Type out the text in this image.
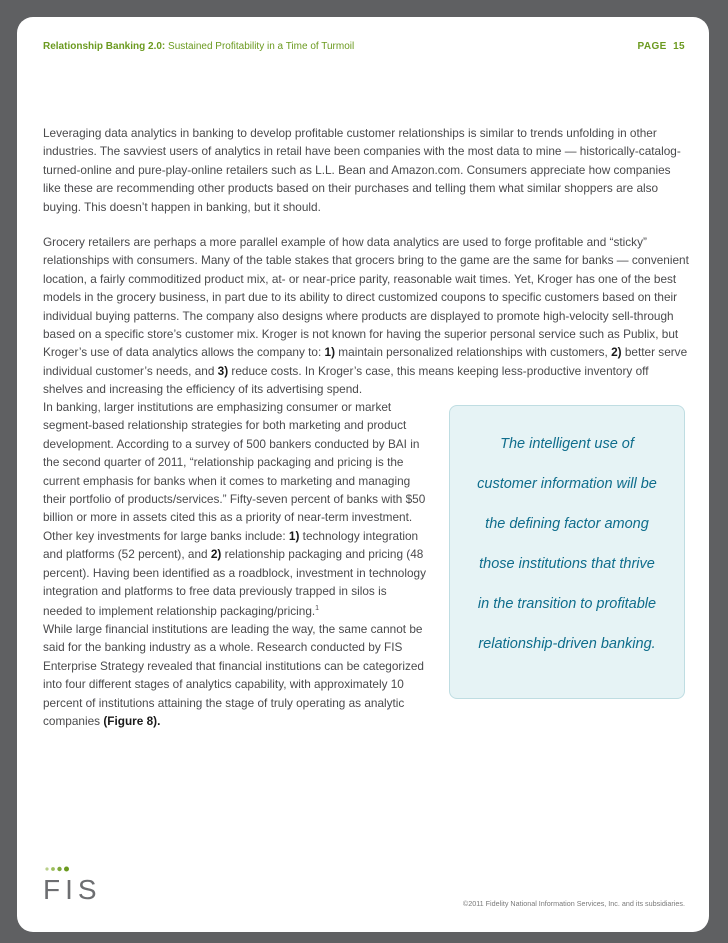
Relationship Banking 2.0: Sustained Profitability in a Time of Turmoil	PAGE 15

Leveraging data analytics in banking to develop profitable customer relationships is similar to trends unfolding in other industries. The savviest users of analytics in retail have been companies with the most data to mine — historically-catalog-turned-online and pure-play-online retailers such as L.L. Bean and Amazon.com. Consumers appreciate how companies like these are recommending other products based on their purchases and telling them what similar shoppers are also buying. This doesn’t happen in banking, but it should.

Grocery retailers are perhaps a more parallel example of how data analytics are used to forge profitable and “sticky” relationships with consumers. Many of the table stakes that grocers bring to the game are the same for banks — convenient location, a fairly commoditized product mix, at- or near-price parity, reasonable wait times. Yet, Kroger has one of the best models in the grocery business, in part due to its ability to direct customized coupons to specific customers based on their individual buying patterns. The company also designs where products are displayed to promote high-velocity sell-through based on a specific store’s customer mix. Kroger is not known for having the superior personal service such as Publix, but Kroger’s use of data analytics allows the company to: 1) maintain personalized relationships with customers, 2) better serve individual customer’s needs, and 3) reduce costs. In Kroger’s case, this means keeping less-productive inventory off shelves and increasing the efficiency of its advertising spend.

In banking, larger institutions are emphasizing consumer or market segment-based relationship strategies for both marketing and product development. According to a survey of 500 bankers conducted by BAI in the second quarter of 2011, “relationship packaging and pricing is the current emphasis for banks when it comes to marketing and managing their portfolio of products/services.” Fifty-seven percent of banks with $50 billion or more in assets cited this as a priority of near-term investment. Other key investments for large banks include: 1) technology integration and platforms (52 percent), and 2) relationship packaging and pricing (48 percent). Having been identified as a roadblock, investment in technology integration and platforms to free data previously trapped in silos is needed to implement relationship packaging/pricing.$^1$

While large financial institutions are leading the way, the same cannot be said for the banking industry as a whole. Research conducted by FIS Enterprise Strategy revealed that financial institutions can be categorized into four different stages of analytics capability, with approximately 10 percent of institutions attaining the stage of truly operating as analytic companies (Figure 8).

The intelligent use of

customer information will be

the defining factor among

those institutions that thrive

in the transition to profitable

relationship-driven banking.

FIS	©2011 Fidelity National Information Services, Inc. and its subsidiaries.
